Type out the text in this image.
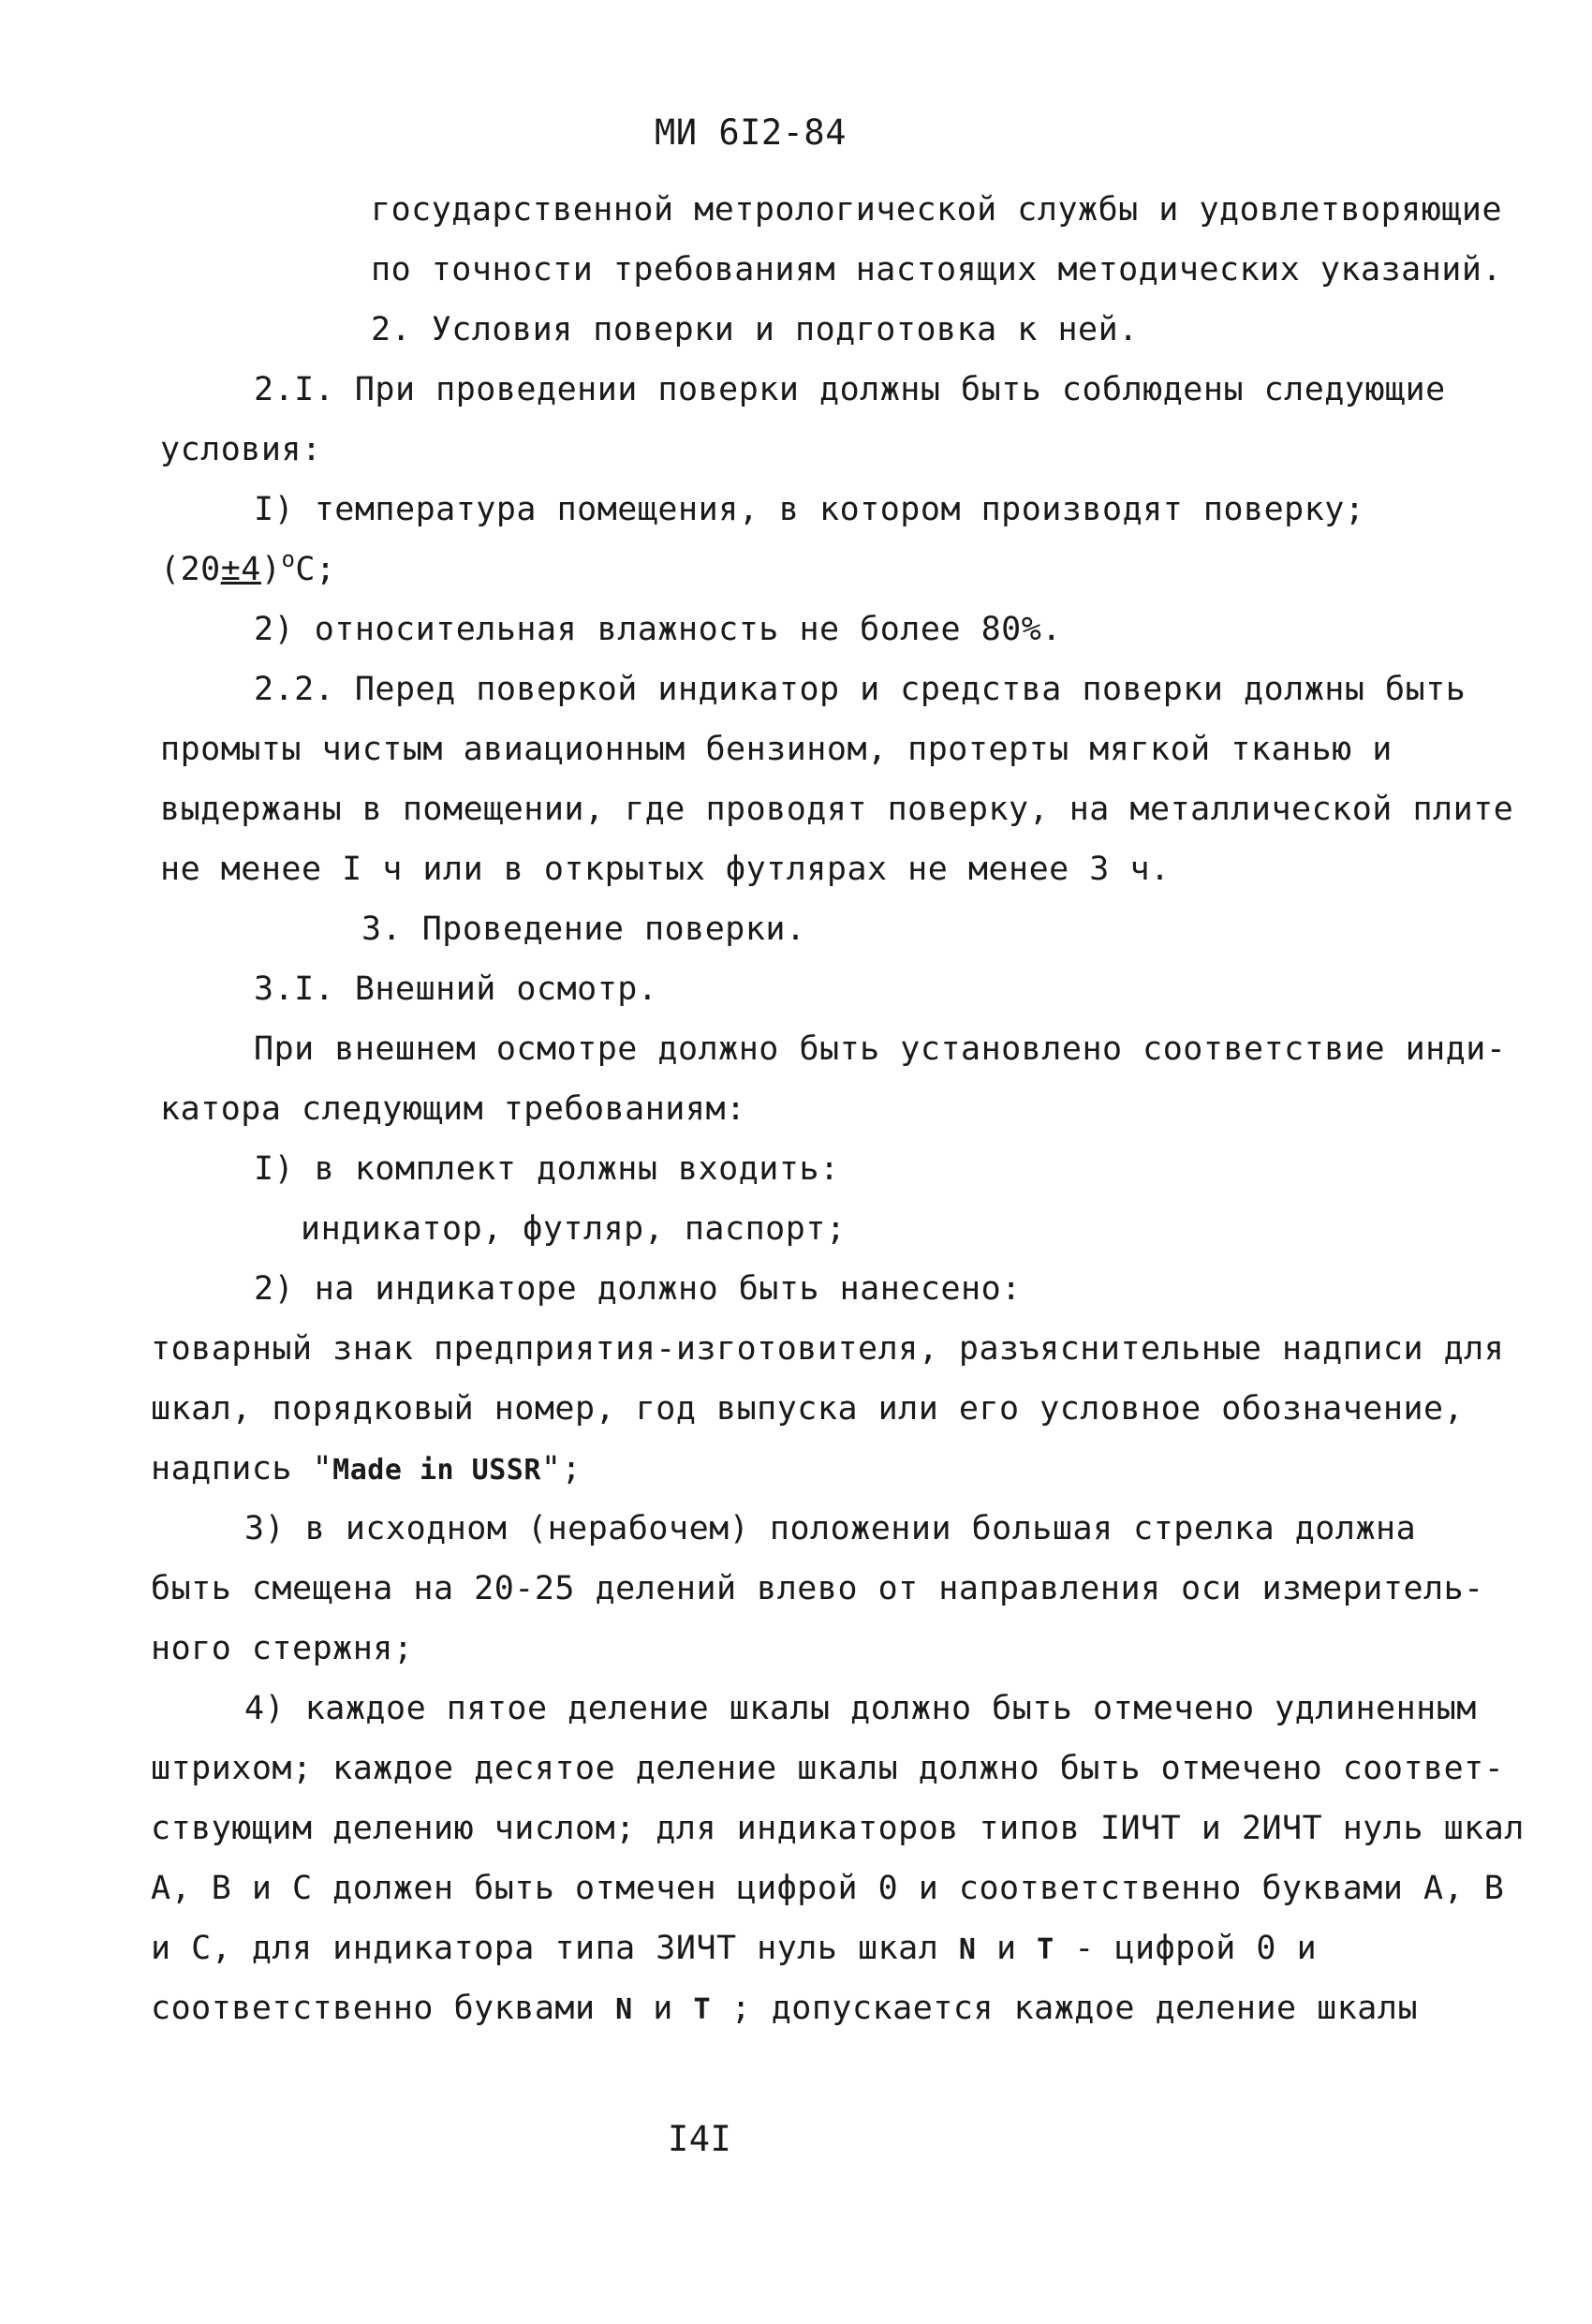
МИ 6I2-84
государственной метрологической службы и удовлетворяющие
по точности требованиям настоящих методических указаний.
2. Условия поверки и подготовка к ней.
2.I. При проведении поверки должны быть соблюдены следующие
условия:
I) температура помещения, в котором производят поверку;
$(20\pm 4)^oC$;
2) относительная влажность не более 80%.
2.2. Перед поверкой индикатор и средства поверки должны быть
промыты чистым авиационным бензином, протерты мягкой тканью и
выдержаны в помещении, где проводят поверку, на металлической плите
не менее I ч или в открытых футлярах не менее 3 ч.
3. Проведение поверки.
3.I. Внешний осмотр.
При внешнем осмотре должно быть установлено соответствие инди-
катора следующим требованиям:
I) в комплект должны входить:
индикатор, футляр, паспорт;
2) на индикаторе должно быть нанесено:
товарный знак предприятия-изготовителя, разъяснительные надписи для
шкал, порядковый номер, год выпуска или его условное обозначение,
надпись "Made in USSR";
3) в исходном (нерабочем) положении большая стрелка должна
быть смещена на 20-25 делений влево от направления оси измеритель-
ного стержня;
4) каждое пятое деление шкалы должно быть отмечено удлиненным
штрихом; каждое десятое деление шкалы должно быть отмечено соответ-
ствующим делению числом; для индикаторов типов IИЧТ и 2ИЧТ нуль шкал
А, В и С должен быть отмечен цифрой 0 и соответственно буквами А, В
и С, для индикатора типа 3ИЧТ нуль шкал N и T - цифрой 0 и
соответственно буквами N и T ; допускается каждое деление шкалы
I4I
